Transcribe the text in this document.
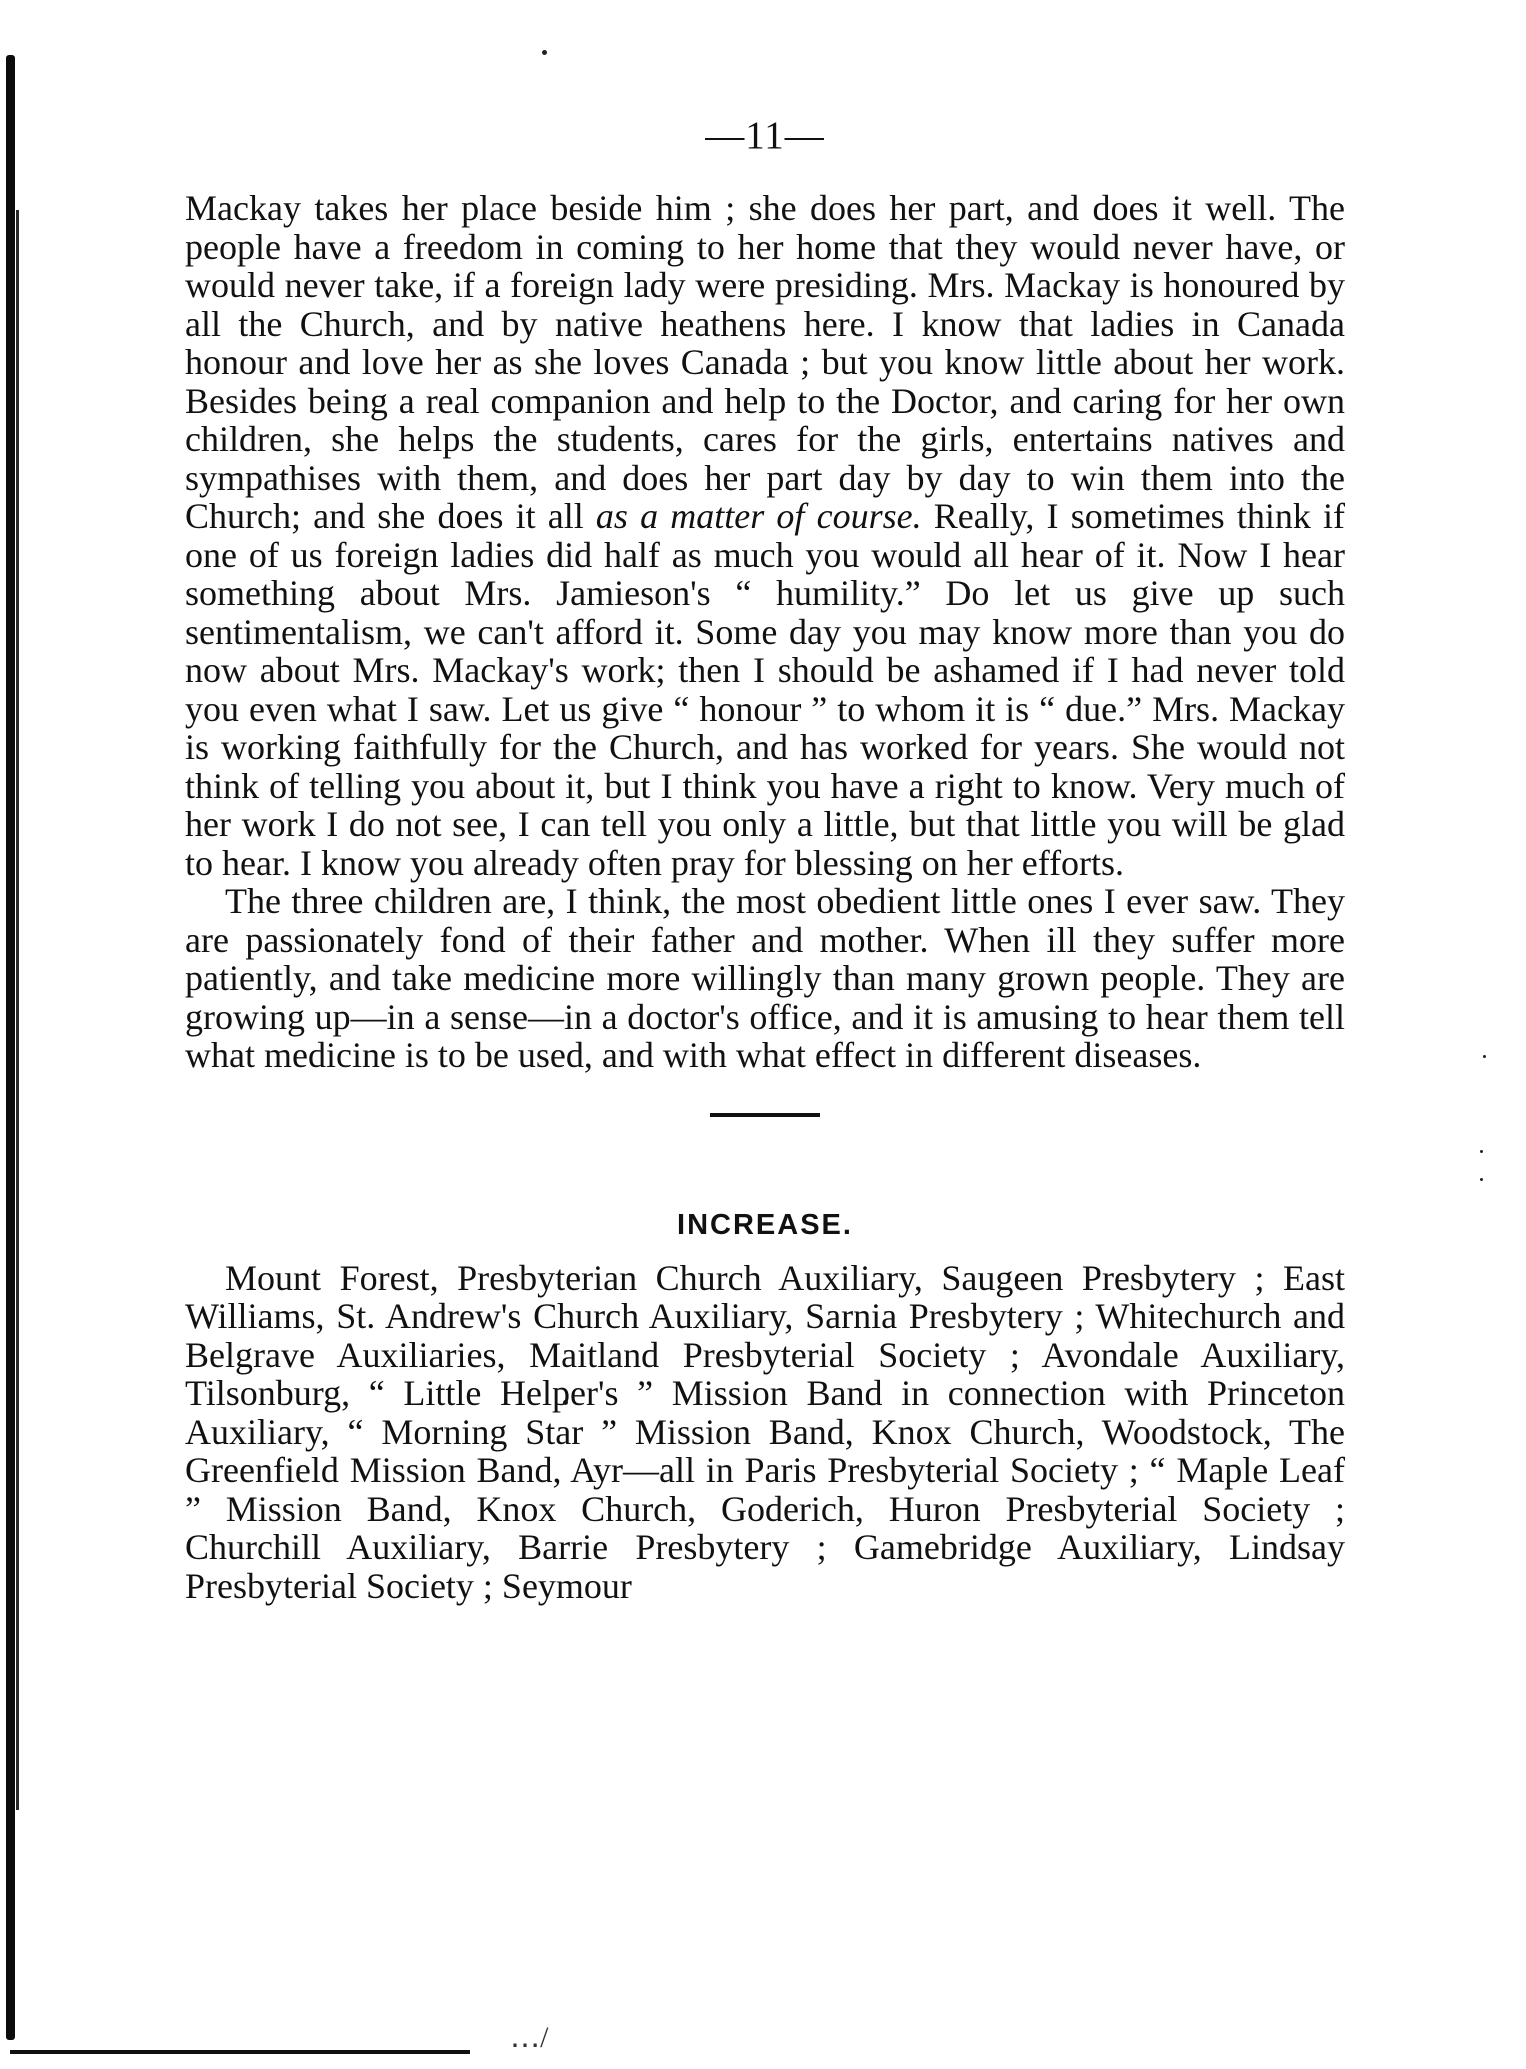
—11—

Mackay takes her place beside him ; she does her part, and does it well. The people have a freedom in coming to her home that they would never have, or would never take, if a foreign lady were presiding. Mrs. Mackay is honoured by all the Church, and by native heathens here. I know that ladies in Canada honour and love her as she loves Canada ; but you know little about her work. Besides being a real companion and help to the Doctor, and caring for her own children, she helps the students, cares for the girls, entertains natives and sympathises with them, and does her part day by day to win them into the Church; and she does it all as a matter of course. Really, I sometimes think if one of us foreign ladies did half as much you would all hear of it. Now I hear something about Mrs. Jamieson's “ humility.” Do let us give up such sentimentalism, we can't afford it. Some day you may know more than you do now about Mrs. Mackay's work; then I should be ashamed if I had never told you even what I saw. Let us give “ honour ” to whom it is “ due.” Mrs. Mackay is working faithfully for the Church, and has worked for years. She would not think of telling you about it, but I think you have a right to know. Very much of her work I do not see, I can tell you only a little, but that little you will be glad to hear. I know you already often pray for blessing on her efforts.

The three children are, I think, the most obedient little ones I ever saw. They are passionately fond of their father and mother. When ill they suffer more patiently, and take medicine more willingly than many grown people. They are growing up—in a sense—in a doctor's office, and it is amusing to hear them tell what medicine is to be used, and with what effect in different diseases.

INCREASE.

Mount Forest, Presbyterian Church Auxiliary, Saugeen Presbytery ; East Williams, St. Andrew's Church Auxiliary, Sarnia Presbytery ; Whitechurch and Belgrave Auxiliaries, Maitland Presbyterial Society ; Avondale Auxiliary, Tilsonburg, “ Little Helper's ” Mission Band in connection with Princeton Auxiliary, “ Morning Star ” Mission Band, Knox Church, Woodstock, The Greenfield Mission Band, Ayr—all in Paris Presbyterial Society ; “ Maple Leaf ” Mission Band, Knox Church, Goderich, Huron Presbyterial Society ; Churchill Auxiliary, Barrie Presbytery ; Gamebridge Auxiliary, Lindsay Presbyterial Society ; Seymour

․․․/
